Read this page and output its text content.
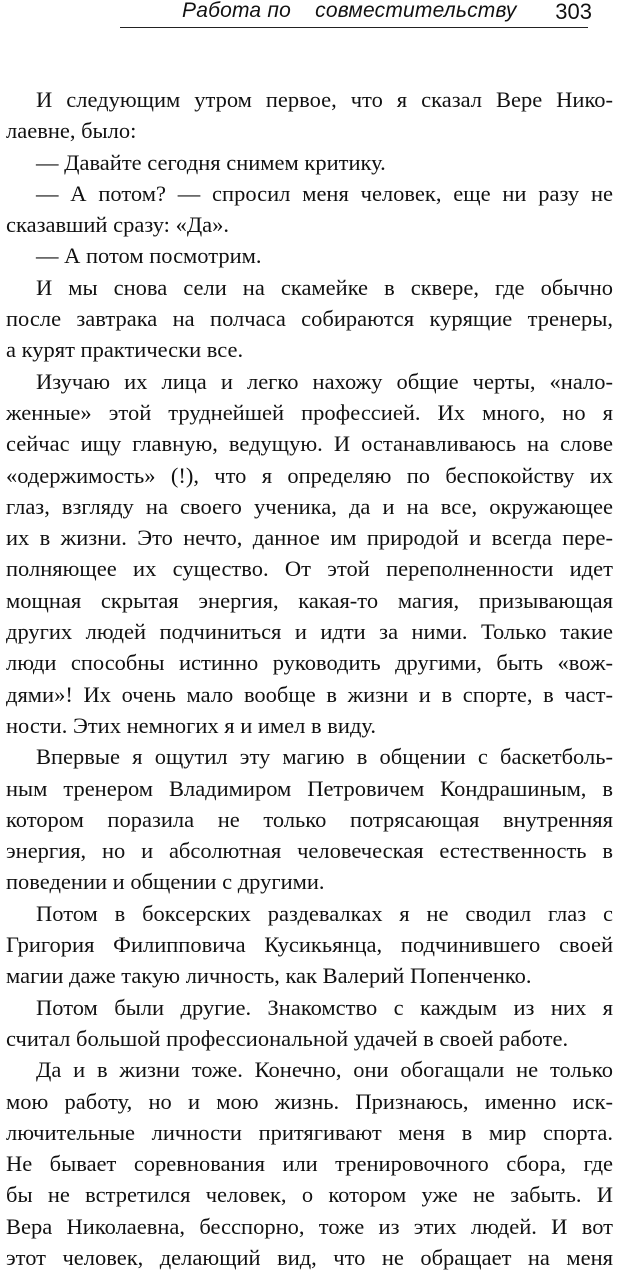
Работа по    совместительству 303
И следующим утром первое, что я сказал Вере Нико-
лаевне, было:
— Давайте сегодня снимем критику.
— А потом? — спросил меня человек, еще ни разу не
сказавший сразу: «Да».
— А потом посмотрим.
И мы снова сели на скамейке в сквере, где обычно
после завтрака на полчаса собираются курящие тренеры,
а курят практически все.
Изучаю их лица и легко нахожу общие черты, «нало-
женные» этой труднейшей профессией. Их много, но я
сейчас ищу главную, ведущую. И останавливаюсь на слове
«одержимость» (!), что я определяю по беспокойству их
глаз, взгляду на своего ученика, да и на все, окружающее
их в жизни. Это нечто, данное им природой и всегда пере-
полняющее их существо. От этой переполненности идет
мощная скрытая энергия, какая-то магия, призывающая
других людей подчиниться и идти за ними. Только такие
люди способны истинно руководить другими, быть «вож-
дями»! Их очень мало вообще в жизни и в спорте, в част-
ности. Этих немногих я и имел в виду.
Впервые я ощутил эту магию в общении с баскетболь-
ным тренером Владимиром Петровичем Кондрашиным, в
котором поразила не только потрясающая внутренняя
энергия, но и абсолютная человеческая естественность в
поведении и общении с другими.
Потом в боксерских раздевалках я не сводил глаз с
Григория Филипповича Кусикьянца, подчинившего своей
магии даже такую личность, как Валерий Попенченко.
Потом были другие. Знакомство с каждым из них я
считал большой профессиональной удачей в своей работе.
Да и в жизни тоже. Конечно, они обогащали не только
мою работу, но и мою жизнь. Признаюсь, именно иск-
лючительные личности притягивают меня в мир спорта.
Не бывает соревнования или тренировочного сбора, где
бы не встретился человек, о котором уже не забыть. И
Вера Николаевна, бесспорно, тоже из этих людей. И вот
этот человек, делающий вид, что не обращает на меня
